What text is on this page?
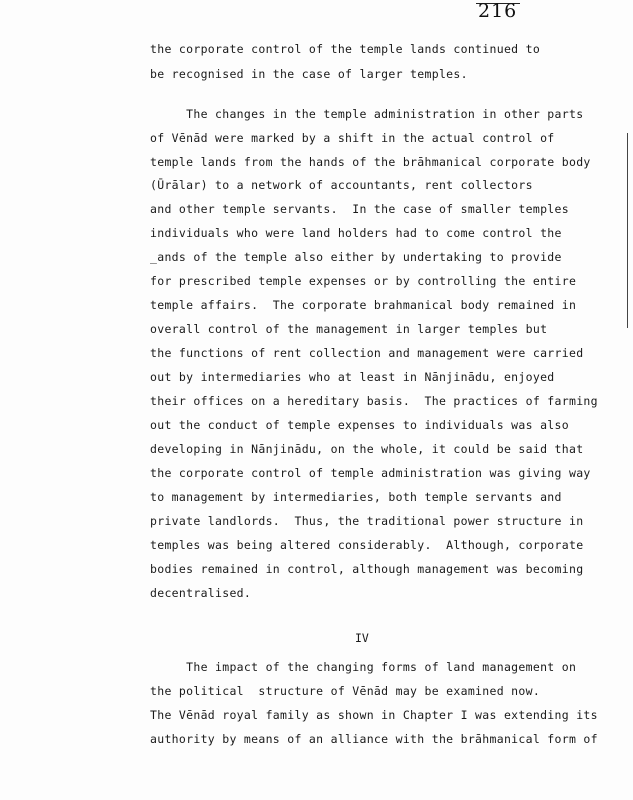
216
the corporate control of the temple lands continued to
be recognised in the case of larger temples.
The changes in the temple administration in other parts
of Vēnād were marked by a shift in the actual control of
temple lands from the hands of the brāhmanical corporate body
(Ūrālar) to a network of accountants, rent collectors
and other temple servants.  In the case of smaller temples
individuals who were land holders had to come control the
_ands of the temple also either by undertaking to provide
for prescribed temple expenses or by controlling the entire
temple affairs.  The corporate brahmanical body remained in
overall control of the management in larger temples but
the functions of rent collection and management were carried
out by intermediaries who at least in Nānjinādu, enjoyed
their offices on a hereditary basis.  The practices of farming
out the conduct of temple expenses to individuals was also
developing in Nānjinādu, on the whole, it could be said that
the corporate control of temple administration was giving way
to management by intermediaries, both temple servants and
private landlords.  Thus, the traditional power structure in
temples was being altered considerably.  Although, corporate
bodies remained in control, although management was becoming
decentralised.
IV
The impact of the changing forms of land management on
the political  structure of Vēnād may be examined now.
The Vēnād royal family as shown in Chapter I was extending its
authority by means of an alliance with the brāhmanical form of
